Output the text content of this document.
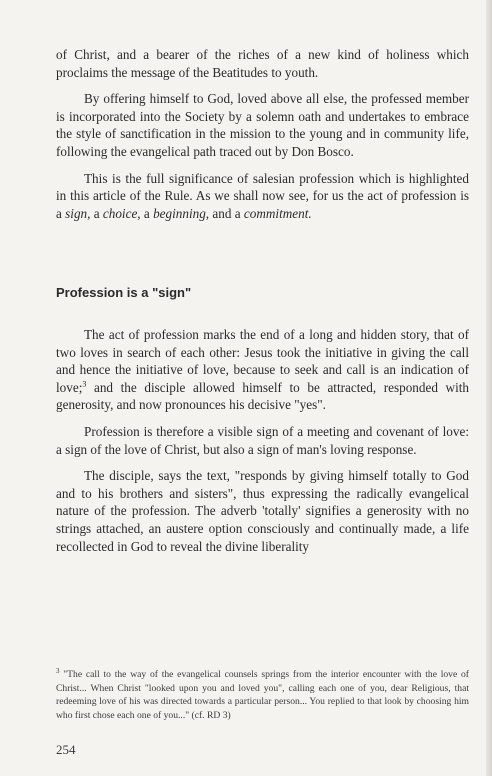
of Christ, and a bearer of the riches of a new kind of holiness which proclaims the message of the Beatitudes to youth.

By offering himself to God, loved above all else, the professed member is incorporated into the Society by a solemn oath and undertakes to embrace the style of sanctification in the mission to the young and in community life, following the evangelical path traced out by Don Bosco.

This is the full significance of salesian profession which is highlighted in this article of the Rule. As we shall now see, for us the act of profession is a sign, a choice, a beginning, and a commitment.

Profession is a "sign"

The act of profession marks the end of a long and hidden story, that of two loves in search of each other: Jesus took the initiative in giving the call and hence the initiative of love, because to seek and call is an indication of love;$^3$ and the disciple allowed himself to be attracted, responded with generosity, and now pronounces his decisive "yes".

Profession is therefore a visible sign of a meeting and covenant of love: a sign of the love of Christ, but also a sign of man's loving response.

The disciple, says the text, "responds by giving himself totally to God and to his brothers and sisters", thus expressing the radically evangelical nature of the profession. The adverb 'totally' signifies a generosity with no strings attached, an austere option consciously and continually made, a life recollected in God to reveal the divine liberality

$^3$ "The call to the way of the evangelical counsels springs from the interior encounter with the love of Christ... When Christ "looked upon you and loved you", calling each one of you, dear Religious, that redeeming love of his was directed towards a particular person... You replied to that look by choosing him who first chose each one of you..." (cf. RD 3)
254
